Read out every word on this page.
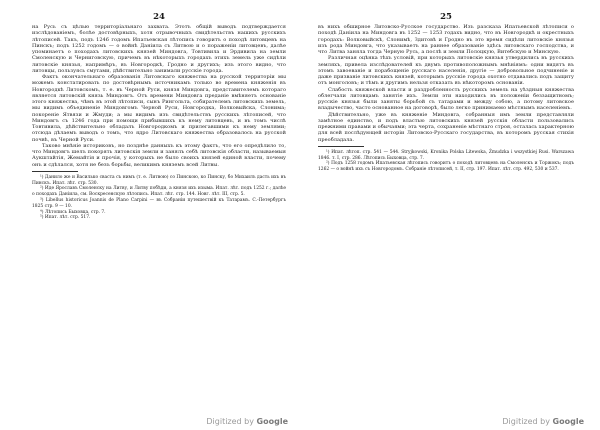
24

на Русь съ цѣлью территоріальнаго захвата. Этотъ общій выводъ подтверждается изслѣдованіемъ, болѣе достовѣрныхъ, хотя отрывочныхъ свидѣтельствъ нашихъ русскихъ лѣтописей. Такъ, подъ 1246 годомъ Ипатьевская лѣтопись говоритъ о походѣ литовцевъ на Пинскъ; подъ 1252 годомъ — о войнѣ Даніила съ Литвою и о пораженіи литовцевъ, далѣе упоминаетъ о походахъ литовскихъ князей Миндовга, Товтивила и Эрдивила на земли Смоленскую и Черниговскую, причемъ въ нѣкоторыхъ городахъ этихъ земель уже сидѣли литовскіе князья, напримѣръ, въ Новгородкѣ, Гродно и другихъ; изъ этого видно, что литовцы, пользуясь смутами, дѣйствительно занимали русскіе города.

Фактъ окончательнаго образованія Литовскаго княжества на русской территоріи мы можемъ констатировать по достовѣрнымъ источникамъ только во времена княженія въ Новгородкѣ Литовскомъ, т. е. въ Черной Руси, князя Миндовга, представителемъ котораго является литовскій князь Миндовгъ. Отъ времени Миндовга преданіе вмѣняетъ основаніе этого княжества, чѣмъ въ этой лѣтописи, сынъ Рингольта, собирателемъ литовскихъ земель, мы видимъ объединеніе Миндовгомъ Черной Руси, Новгородка, Волковыйска, Слонима; покореніе Ятвязи и Жмуди; а мы видимъ изъ свидѣтельствъ русскихъ лѣтописей, что Миндовгъ съ 1246 года при помощи прибывшихъ къ нему литовцевъ, и въ томъ числѣ Товтивила, дѣйствительно обладалъ Новгородкомъ и прилегавшими къ нему землями; отсюда дѣлаемъ выводъ о томъ, что ядро Литовскаго княжества образовалось на русской почвѣ, въ Черной Руси.

Таково мнѣніе историковъ, но позднѣе данныхъ къ этому фактъ, что его опредѣлило то, что Миндовгъ шелъ покорять литовскія земли и занялъ себѣ литовскія области, называемыя Аукштайтія, Жемайтія и прочія, у которыхъ не было своихъ князей единой власти, почему онъ и сдѣлался, хотя не безъ борьбы, великимъ княземъ всей Литвы.

¹) Данило же и Василько сваста съ нимъ (т. е. Литвою) со Пинскою, ко Пинску, бо Михаилъ дасть ихъ въ Пинскъ. Ипат. лѣт. стр. 530.

²) Иде Ярославъ Смоленску на Литву, и Литву побѣди, а князя ихъ изыма. Ипат. лѣт. подъ 1252 г.; далѣе о походахъ Даніила, см. Воскресенскую лѣтопись. Ипат. лѣт. стр. 144. Новг. лѣт. III, стр. 5.

³) Libellus historicus Joannis de Plano Carpini — въ Собраніи путешествій къ Татарамъ. С.-Петербургъ 1825 стр. 9 — 10.

⁴) Лѣтопись Быховца, стр. 7.

⁵) Ипат. лѣт. стр. 517.

Digitized by Google
25

въ нихъ обширное Литовско-Русское государство. Изъ разсказа Ипатьевской лѣтописи о походѣ Даніила на Миндовга въ 1252 — 1253 годахъ видно, что въ Новгородкѣ и окрестныхъ городахъ: Волковыйскѣ, Слонимѣ, Здитовѣ и Гродно въ это время сидѣли литовскіе князья изъ рода Миндовга, что указываетъ на раннее образованіе здѣсь литовскаго господства, и что Литва заняла тогда Черную Русь, а послѣ и земли Полоцкую, Витебскую и Минскую.

Различная оцѣнка тѣхъ условій, при которыхъ литовскіе князья утвердились въ русскихъ земляхъ, привела изслѣдователей къ двумъ противоположнымъ мнѣніямъ: одни видятъ въ этомъ завоеваніе и порабощеніе русскаго населенія, другіе — добровольное подчиненіе и даже призваніе литовскихъ князей, которымъ русскіе города охотно отдавались подъ защиту отъ монголовъ; и тѣмъ и другимъ нельзя отказать въ нѣкоторомъ основаніи.

Слабость княжеской власти и раздробленность русскихъ земель на уѣздныя княжества облегчали литовцамъ занятіе ихъ. Земли эти находились въ положеніи беззащитномъ; русскіе князья были заняты борьбой съ татарами и между собою, а потому литовское владычество, часто основанное на договорѣ, было легко принимаемо мѣстнымъ населеніемъ.

Дѣйствительно, уже въ княженіе Миндовга, собранныя имъ земли представляли замѣтное единство, и подъ властью литовскихъ князей русскія области пользовались прежними правами и обычаями; эта черта, сохраненіе мѣстнаго строя, осталась характерною для всей послѣдующей исторіи Литовско-Русскаго государства, въ которомъ русская стихія преобладала.

¹) Ипат. лѣтоп. стр. 541 — 544. Stryjkowski, Kronika Polska Litewska, Żmudzka i wszystkiej Rusi. Warszawa 1846. т. I, стр. 286. Лѣтопись Быховца, стр. 7.

²) Подъ 1258 годомъ Ипатьевская лѣтопись говоритъ о походѣ литовцевъ на Смоленскъ и Торжокъ; подъ 1262 — о войнѣ ихъ съ Новгородомъ. Собраніе лѣтописей, т. II, стр. 197. Ипат. лѣт. стр. 492, 530 и 537.

Digitized by Google
